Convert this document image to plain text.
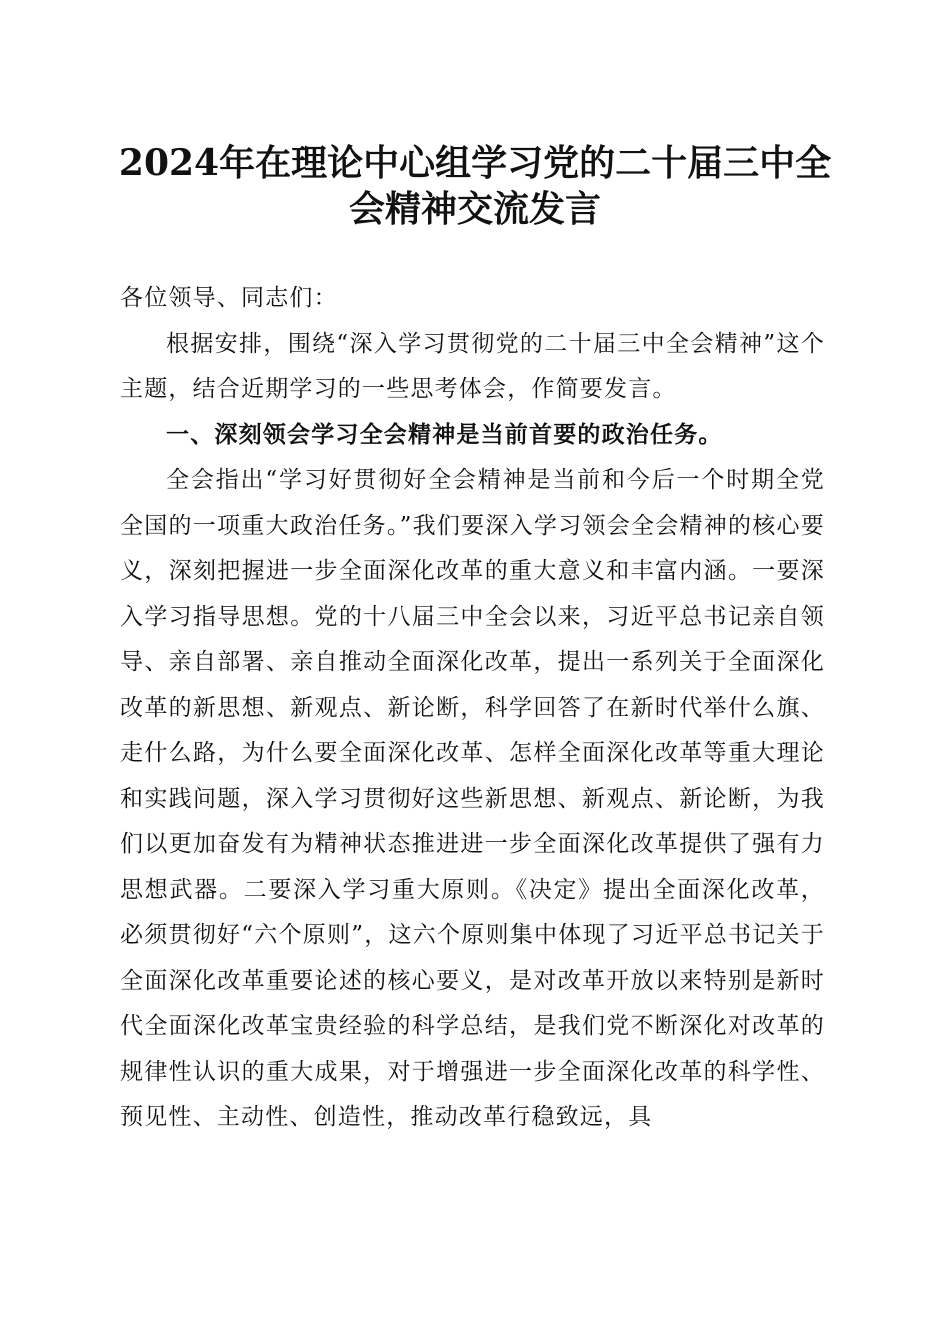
2024年在理论中心组学习党的二十届三中全
会精神交流发言

各位领导、同志们：

根据安排，围绕“深入学习贯彻党的二十届三中全会精神”这个主题，结合近期学习的一些思考体会，作简要发言。

一、深刻领会学习全会精神是当前首要的政治任务。

全会指出“学习好贯彻好全会精神是当前和今后一个时期全党全国的一项重大政治任务。”我们要深入学习领会全会精神的核心要义，深刻把握进一步全面深化改革的重大意义和丰富内涵。一要深入学习指导思想。党的十八届三中全会以来，习近平总书记亲自领导、亲自部署、亲自推动全面深化改革，提出一系列关于全面深化改革的新思想、新观点、新论断，科学回答了在新时代举什么旗、走什么路，为什么要全面深化改革、怎样全面深化改革等重大理论和实践问题，深入学习贯彻好这些新思想、新观点、新论断，为我们以更加奋发有为精神状态推进进一步全面深化改革提供了强有力思想武器。二要深入学习重大原则。《决定》提出全面深化改革，必须贯彻好“六个原则”，这六个原则集中体现了习近平总书记关于全面深化改革重要论述的核心要义，是对改革开放以来特别是新时代全面深化改革宝贵经验的科学总结，是我们党不断深化对改革的规律性认识的重大成果，对于增强进一步全面深化改革的科学性、预见性、主动性、创造性，推动改革行稳致远，具
